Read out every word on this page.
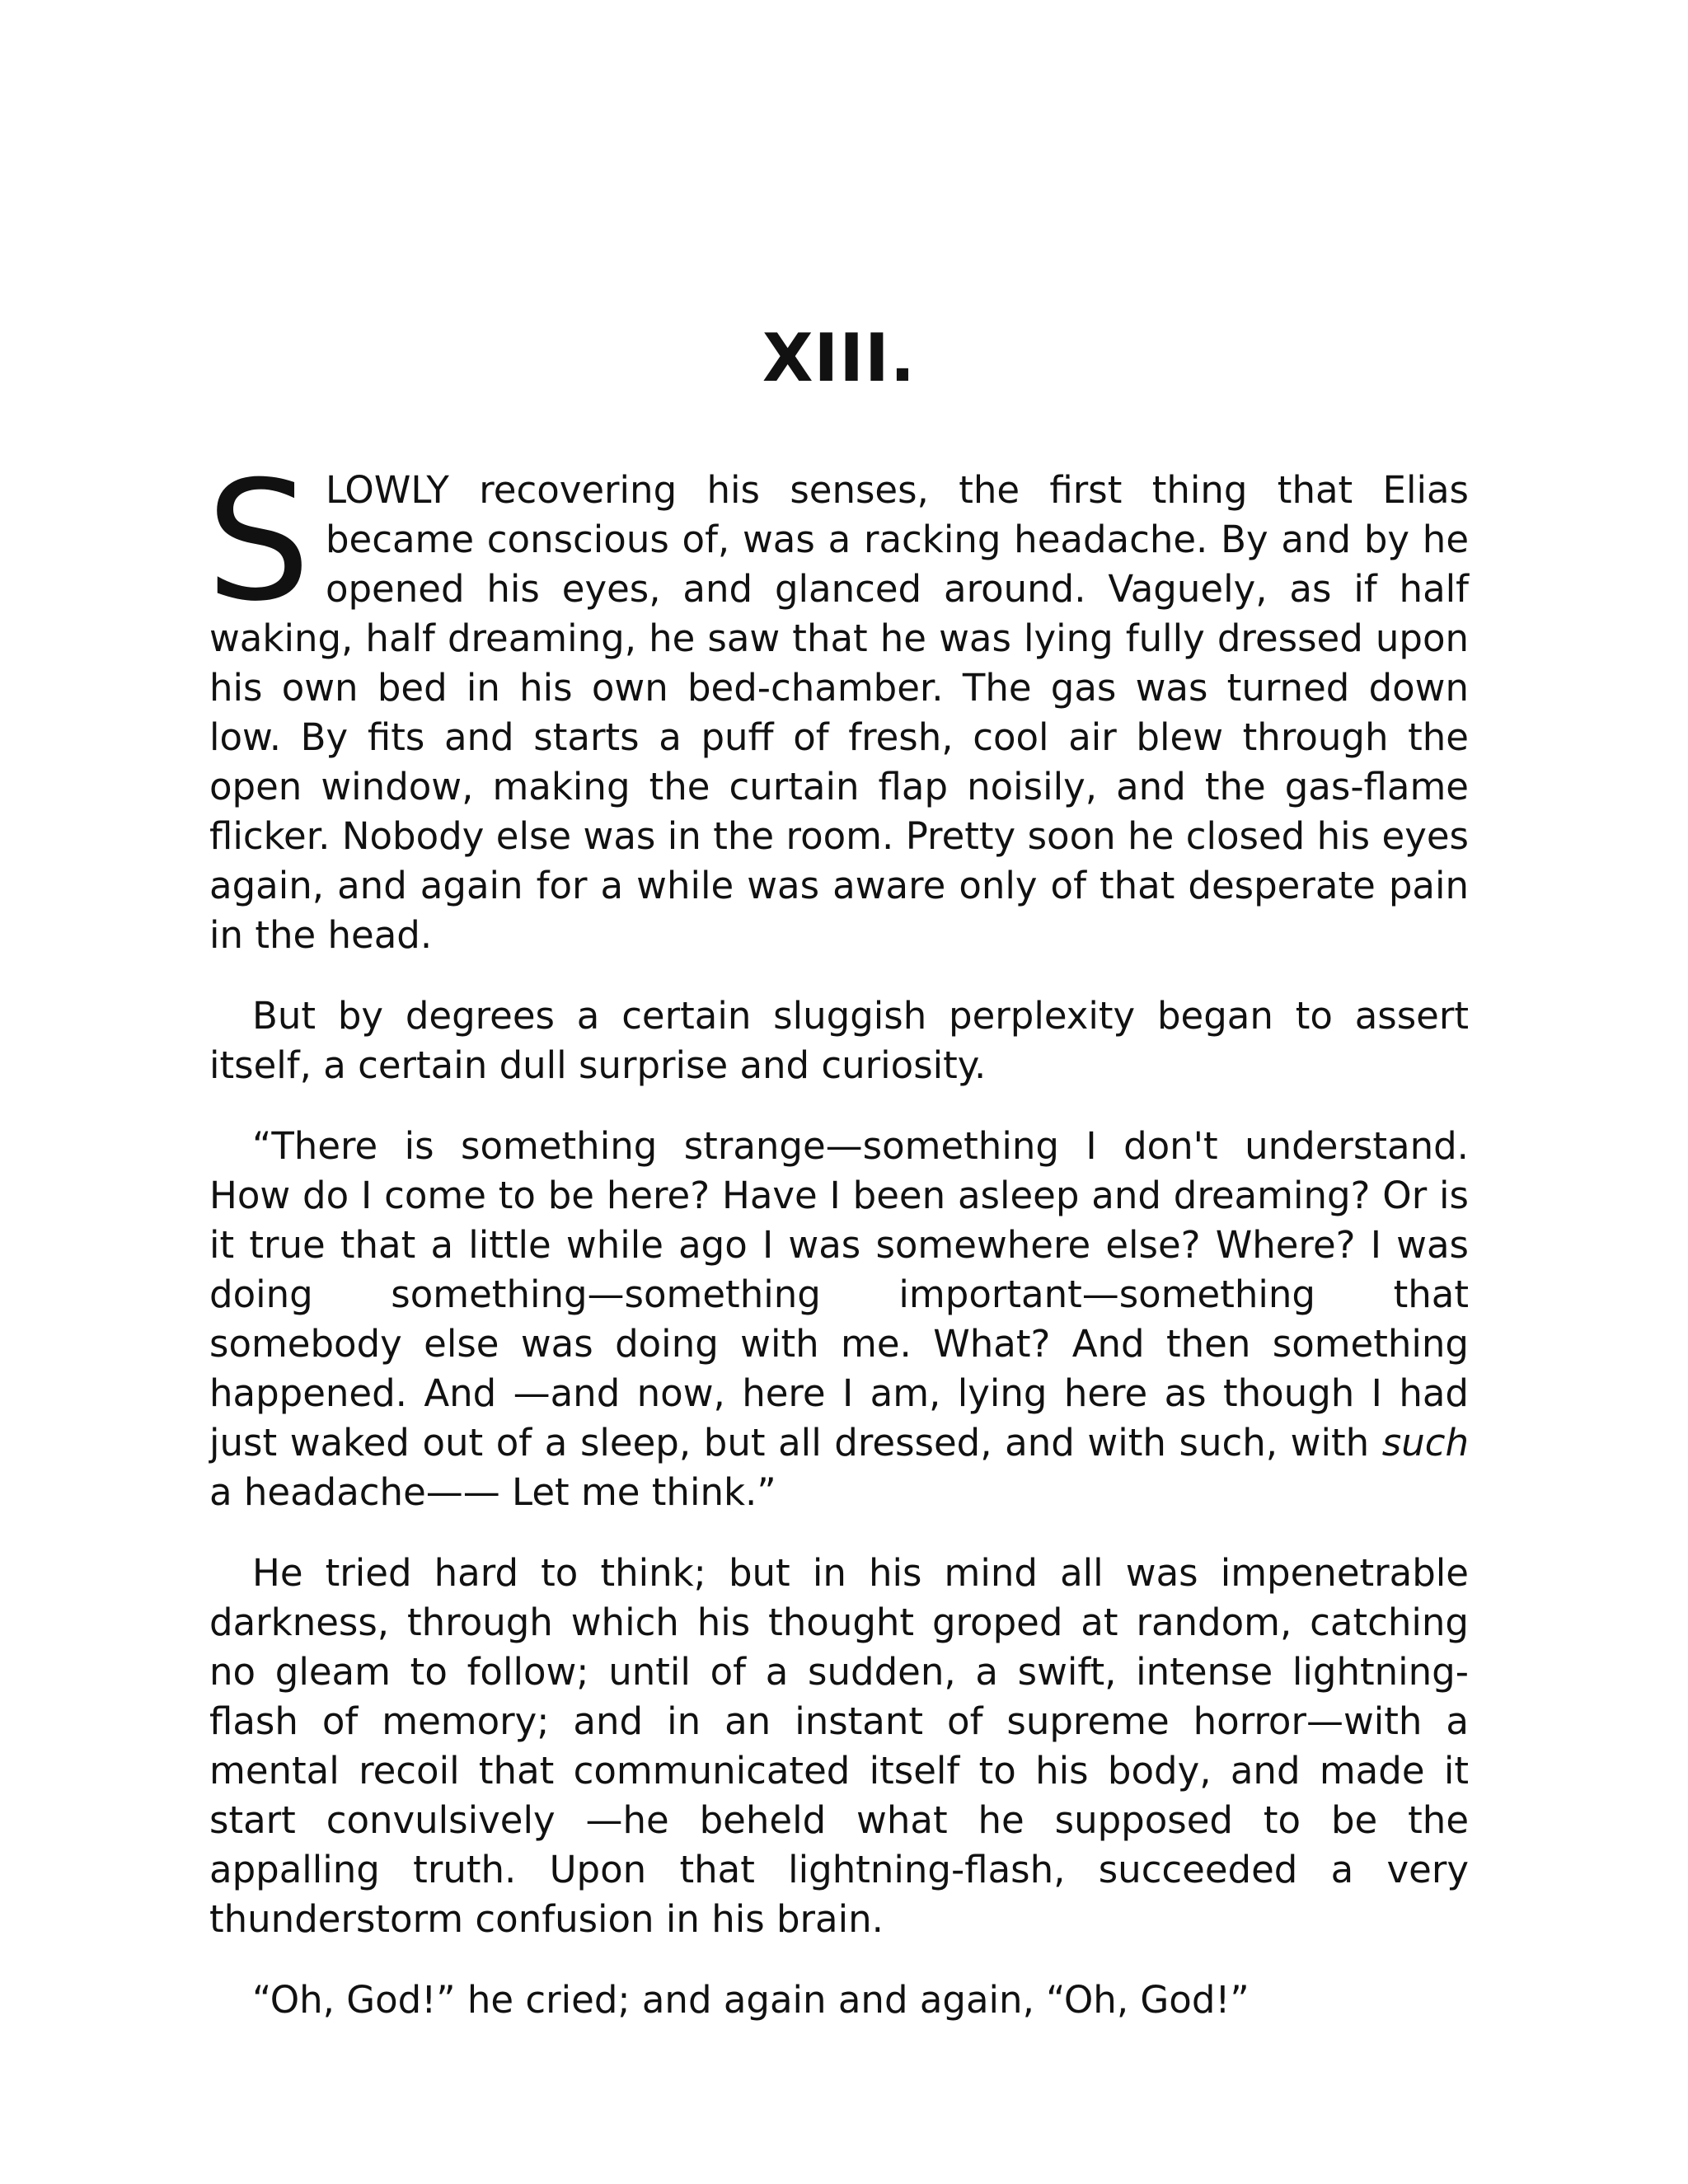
XIII.

SLOWLY recovering his senses, the first thing that Elias became conscious of, was a racking headache. By and by he opened his eyes, and glanced around. Vaguely, as if half waking, half dreaming, he saw that he was lying fully dressed upon his own bed in his own bed-chamber. The gas was turned down low. By fits and starts a puff of fresh, cool air blew through the open window, making the curtain flap noisily, and the gas-flame flicker. Nobody else was in the room. Pretty soon he closed his eyes again, and again for a while was aware only of that desperate pain in the head.

But by degrees a certain sluggish perplexity began to assert itself, a certain dull surprise and curiosity.

“There is something strange—something I don't understand. How do I come to be here? Have I been asleep and dreaming? Or is it true that a little while ago I was somewhere else? Where? I was doing something—something important—something that somebody else was doing with me. What? And then something happened. And —and now, here I am, lying here as though I had just waked out of a sleep, but all dressed, and with such, with such a headache—— Let me think.”

He tried hard to think; but in his mind all was impenetrable darkness, through which his thought groped at random, catching no gleam to follow; until of a sudden, a swift, intense lightning-flash of memory; and in an instant of supreme horror—with a mental recoil that communicated itself to his body, and made it start convulsively —he beheld what he supposed to be the appalling truth. Upon that lightning-flash, succeeded a very thunderstorm confusion in his brain.

“Oh, God!” he cried; and again and again, “Oh, God!”
